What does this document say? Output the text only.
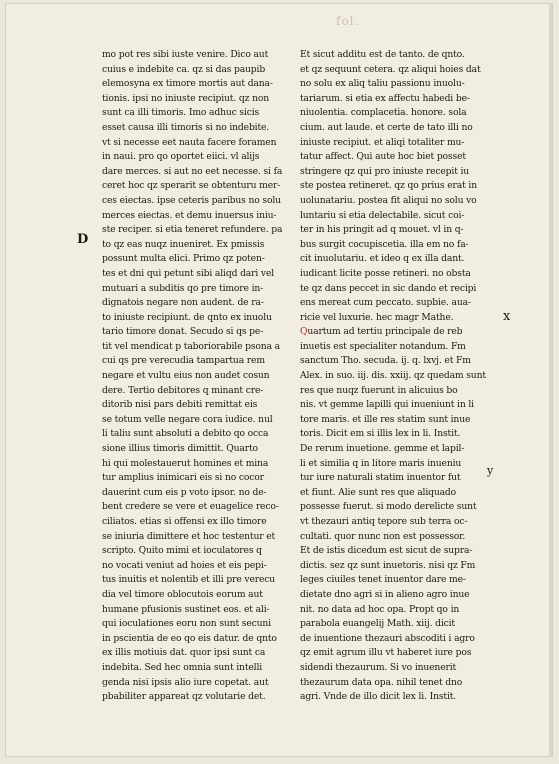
fol.
mo pot res sibi iuste venire. Dico aut
cuius e indebite ca. qz si das paupib
elemosyna ex timore mortis aut dana-
tionis. ipsi no iniuste recipiut. qz non
sunt ca illi timoris. Imo adhuc sicis
esset causa illi timoris si no indebite.
vt si necesse eet nauta facere foramen
in naui. pro qo oportet eiici. vl alijs
dare merces. si aut no eet necesse. si fa
ceret hoc qz sperarit se obtenturu mer-
ces eiectas. ipse ceteris paribus no solu
merces eiectas. et demu inuersus iniu-
ste reciper. si etia teneret refundere. pa
to qz eas nuqz inueniret. Ex pmissis
possunt multa elici. Primo qz poten-
tes et dni qui petunt sibi aliqd dari vel
mutuari a subditis qo pre timore in-
dignatois negare non audent. de ra-
to iniuste recipiunt. de qnto ex inuolu
tario timore donat. Secudo si qs pe-
tit vel mendicat p taboriorabile psona a
cui qs pre verecudia tampartua rem
negare et vultu eius non audet cosun
dere. Tertio debitores q minant cre-
ditorib nisi pars debiti remittat eis
se totum velle negare cora iudice. nul
li taliu sunt absoluti a debito qo occa
sione illius timoris dimittit. Quarto
hi qui molestauerut homines et mina
tur amplius inimicari eis si no cocor
dauerint cum eis p voto ipsor. no de-
bent credere se vere et euagelice reco-
ciliatos. etias si offensi ex illo timore
se iniuria dimittere et hoc testentur et
scripto. Quito mimi et ioculatores q
no vocati veniut ad hoies et eis pepi-
tus inuitis et nolentib et illi pre verecu
dia vel timore oblocutois eorum aut
humane pfusionis sustinet eos. et ali-
qui ioculationes eoru non sunt secuni
in pscientia de eo qo eis datur. de qnto
ex illis motiuis dat. quor ipsi sunt ca
indebita. Sed hec omnia sunt intelli
genda nisi ipsis alio iure copetat. aut
pbabiliter appareat qz volutarie det.
Et sicut additu est de tanto. de qnto.
et qz sequunt cetera. qz aliqui hoies dat
no solu ex aliq taliu passionu inuolu-
tariarum. si etia ex affectu habedi be-
niuolentia. complacetia. honore. sola
cium. aut laude. et certe de tato illi no
iniuste recipiut. et aliqi totaliter mu-
tatur affect. Qui aute hoc biet posset
stringere qz qui pro iniuste recepit iu
ste postea retineret. qz qo prius erat in
uolunatariu. postea fit aliqui no solu vo
luntariu si etia delectabile. sicut coi-
ter in his pringit ad q mouet. vl in q-
bus surgit cocupiscetia. illa em no fa-
cit inuolutariu. et ideo q ex illa dant.
iudicant licite posse retineri. no obsta
te qz dans peccet in sic dando et recipi
ens mereat cum peccato. supbie. aua-
ricie vel luxurie. hec magr Mathe.
Quartum ad tertiu principale de reb
inuetis est specialiter notandum. Fm
sanctum Tho. secuda. ij. q. lxvj. et Fm
Alex. in suo. iij. dis. xxiij. qz quedam sunt
res que nuqz fuerunt in alicuius bo
nis. vt gemme lapilli qui inueniunt in li
tore maris. et ille res statim sunt inue
toris. Dicit em si illis lex in li. Instit.
De rerum inuetione. gemme et lapil-
li et similia q in litore maris inueniu
tur iure naturali statim inuentor fut
et fiunt. Alie sunt res que aliquado
possesse fuerut. si modo derelicte sunt
vt thezauri antiq tepore sub terra oc-
cultati. quor nunc non est possessor.
Et de istis dicedum est sicut de supra-
dictis. sez qz sunt inuetoris. nisi qz Fm
leges ciuiles tenet inuentor dare me-
dietate dno agri si in alieno agro inue
nit. no data ad hoc opa. Propt qo in
parabola euangelij Math. xiij. dicit
de inuentione thezauri abscoditi i agro
qz emit agrum illu vt haberet iure pos
sidendi thezaurum. Si vo inuenerit
thezaurum data opa. nihil tenet dno
agri. Vnde de illo dicit lex li. Instit.
D
x
y
